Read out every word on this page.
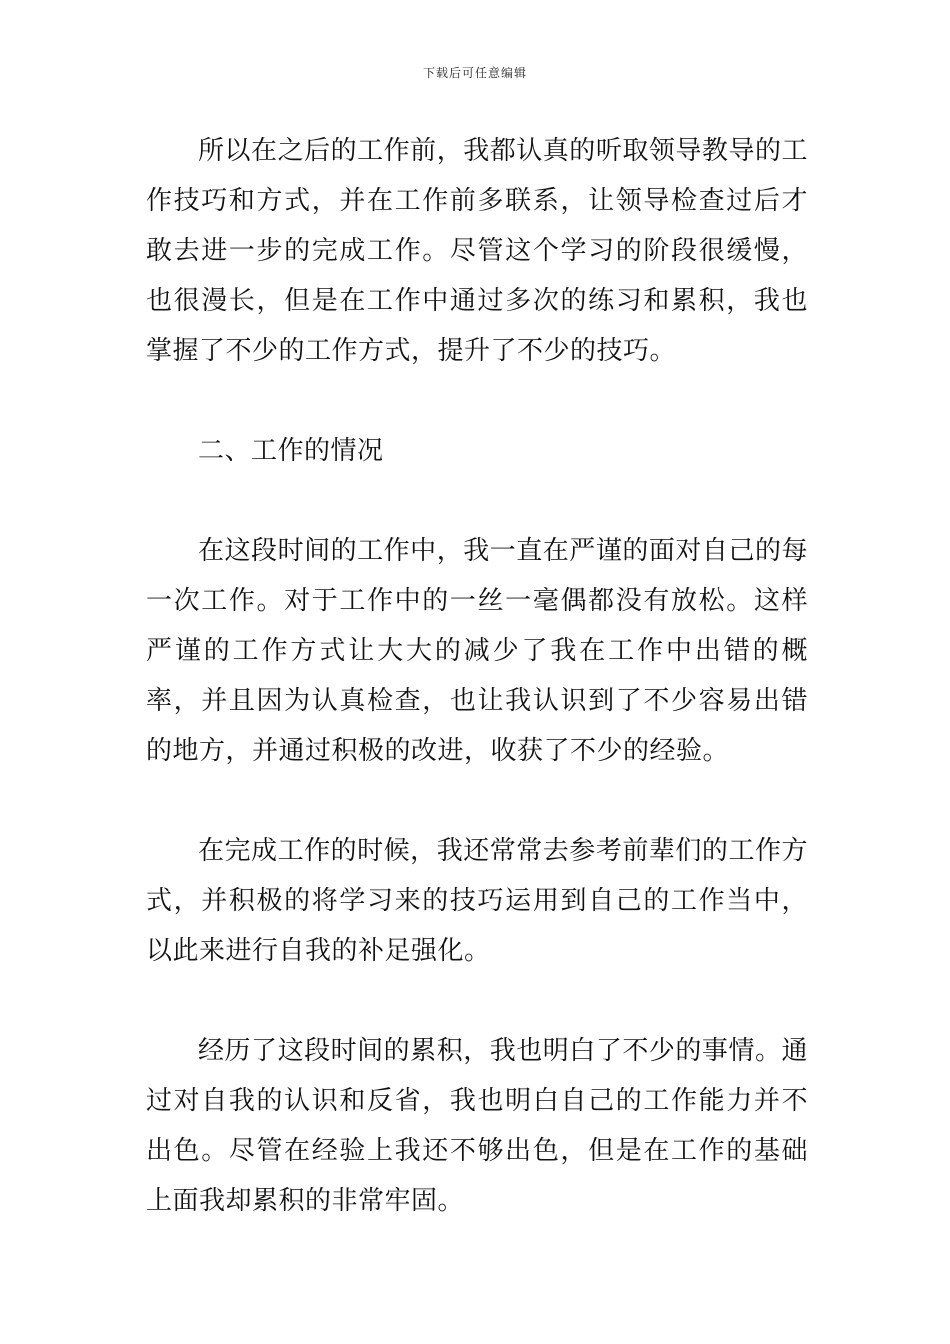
下载后可任意编辑

所以在之后的工作前，我都认真的听取领导教导的工作技巧和方式，并在工作前多联系，让领导检查过后才敢去进一步的完成工作。尽管这个学习的阶段很缓慢，也很漫长，但是在工作中通过多次的练习和累积，我也掌握了不少的工作方式，提升了不少的技巧。

二、工作的情况

在这段时间的工作中，我一直在严谨的面对自己的每一次工作。对于工作中的一丝一毫偶都没有放松。这样严谨的工作方式让大大的减少了我在工作中出错的概率，并且因为认真检查，也让我认识到了不少容易出错的地方，并通过积极的改进，收获了不少的经验。

在完成工作的时候，我还常常去参考前辈们的工作方式，并积极的将学习来的技巧运用到自己的工作当中，以此来进行自我的补足强化。

经历了这段时间的累积，我也明白了不少的事情。通过对自我的认识和反省，我也明白自己的工作能力并不出色。尽管在经验上我还不够出色，但是在工作的基础上面我却累积的非常牢固。
